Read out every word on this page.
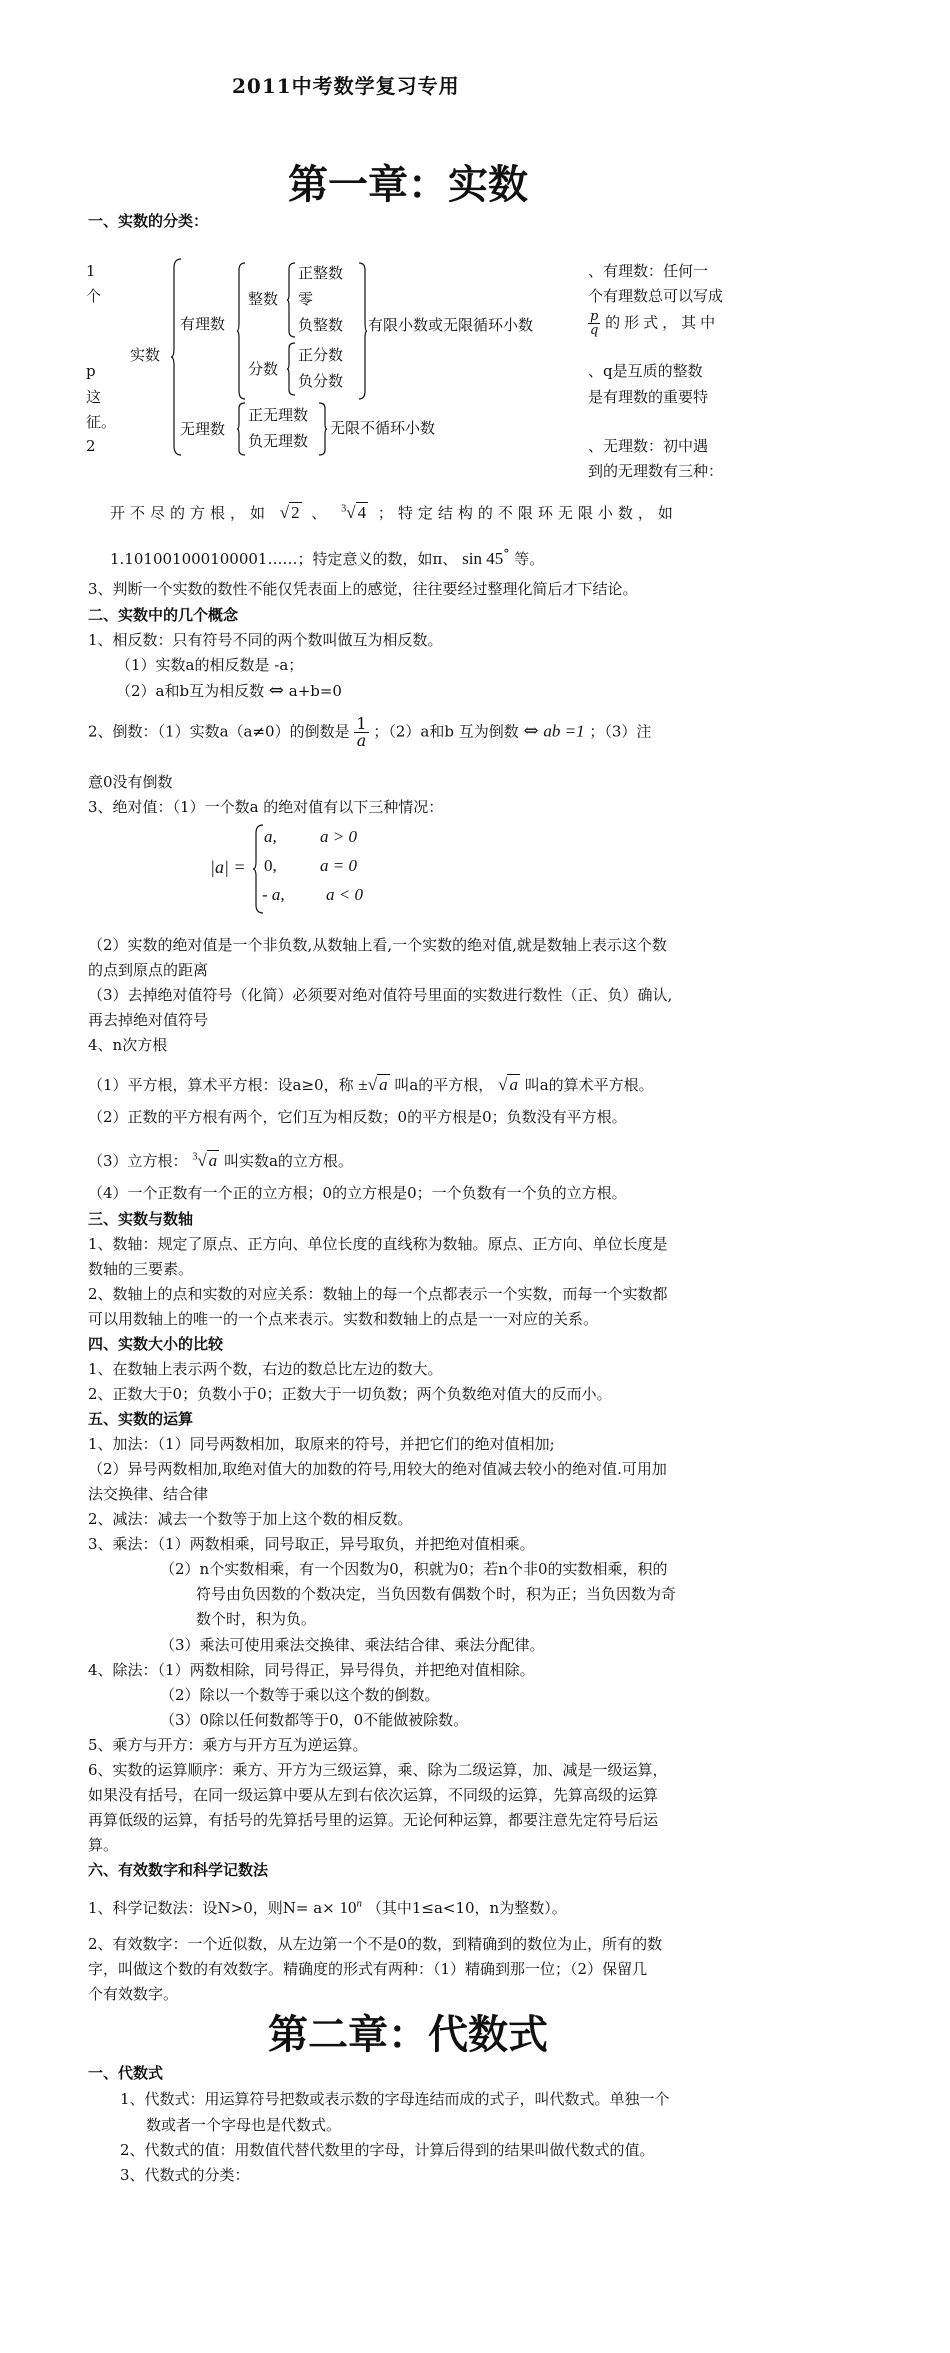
2011中考数学复习专用
第一章：实数
一、实数的分类：
1
个
p
这
征。
2
实数
有理数
整数
正整数
零
负整数 有限小数或无限循环小数
分数
正分数
负分数
无理数
正无理数
负无理数
无限不循环小数
、有理数：任何一
个有理数总可以写成
$\frac{p}{q}$ 的形式，其中
、q是互质的整数
是有理数的重要特
、无理数：初中遇
到的无理数有三种：
开不尽的方根，如 √ 2 、 $^3$√ 4 ；特定结构的不限环无限小数，如
1.101001000100001……；特定意义的数，如π、 sin 45° 等。
3、判断一个实数的数性不能仅凭表面上的感觉，往往要经过整理化简后才下结论。
二、实数中的几个概念
1、相反数：只有符号不同的两个数叫做互为相反数。
（1）实数a的相反数是 -a；
（2）a和b互为相反数 ⇔ a+b=0
2、倒数：（1）实数a（a≠0）的倒数是 $\frac{1}{a}$ ；（2）a和b 互为倒数 ⇔ ab =1 ；（3）注
意0没有倒数
3、绝对值：（1）一个数a 的绝对值有以下三种情况：
|a| =
a,	a > 0
0,	a = 0
- a, a < 0
（2）实数的绝对值是一个非负数,从数轴上看,一个实数的绝对值,就是数轴上表示这个数
的点到原点的距离
（3）去掉绝对值符号（化简）必须要对绝对值符号里面的实数进行数性（正、负）确认,
再去掉绝对值符号
4、n次方根
（1）平方根，算术平方根：设a≥0，称 ±√ a 叫a的平方根， √ a 叫a的算术平方根。
（2）正数的平方根有两个，它们互为相反数；0的平方根是0；负数没有平方根。
（3）立方根： $^3$√ a 叫实数a的立方根。
（4）一个正数有一个正的立方根；0的立方根是0；一个负数有一个负的立方根。
三、实数与数轴
1、数轴：规定了原点、正方向、单位长度的直线称为数轴。原点、正方向、单位长度是
数轴的三要素。
2、数轴上的点和实数的对应关系：数轴上的每一个点都表示一个实数，而每一个实数都
可以用数轴上的唯一的一个点来表示。实数和数轴上的点是一一对应的关系。
四、实数大小的比较
1、在数轴上表示两个数，右边的数总比左边的数大。
2、正数大于0；负数小于0；正数大于一切负数；两个负数绝对值大的反而小。
五、实数的运算
1、加法：（1）同号两数相加，取原来的符号，并把它们的绝对值相加;
（2）异号两数相加,取绝对值大的加数的符号,用较大的绝对值减去较小的绝对值.可用加
法交换律、结合律
2、减法：减去一个数等于加上这个数的相反数。
3、乘法：（1）两数相乘，同号取正，异号取负，并把绝对值相乘。
（2）n个实数相乘，有一个因数为0，积就为0；若n个非0的实数相乘，积的
符号由负因数的个数决定，当负因数有偶数个时，积为正；当负因数为奇
数个时，积为负。
（3）乘法可使用乘法交换律、乘法结合律、乘法分配律。
4、除法：（1）两数相除，同号得正，异号得负，并把绝对值相除。
（2）除以一个数等于乘以这个数的倒数。
（3）0除以任何数都等于0，0不能做被除数。
5、乘方与开方：乘方与开方互为逆运算。
6、实数的运算顺序：乘方、开方为三级运算，乘、除为二级运算，加、减是一级运算，
如果没有括号，在同一级运算中要从左到右依次运算，不同级的运算，先算高级的运算
再算低级的运算，有括号的先算括号里的运算。无论何种运算，都要注意先定符号后运
算。
六、有效数字和科学记数法
1、科学记数法：设N>0，则$N= a\times 10^n$ （其中1≤a<10，n为整数）。
2、有效数字：一个近似数，从左边第一个不是0的数，到精确到的数位为止，所有的数
字，叫做这个数的有效数字。精确度的形式有两种：（1）精确到那一位；（2）保留几
个有效数字。
第二章：代数式
一、代数式
1、代数式：用运算符号把数或表示数的字母连结而成的式子，叫代数式。单独一个
数或者一个字母也是代数式。
2、代数式的值：用数值代替代数里的字母，计算后得到的结果叫做代数式的值。
3、代数式的分类：
